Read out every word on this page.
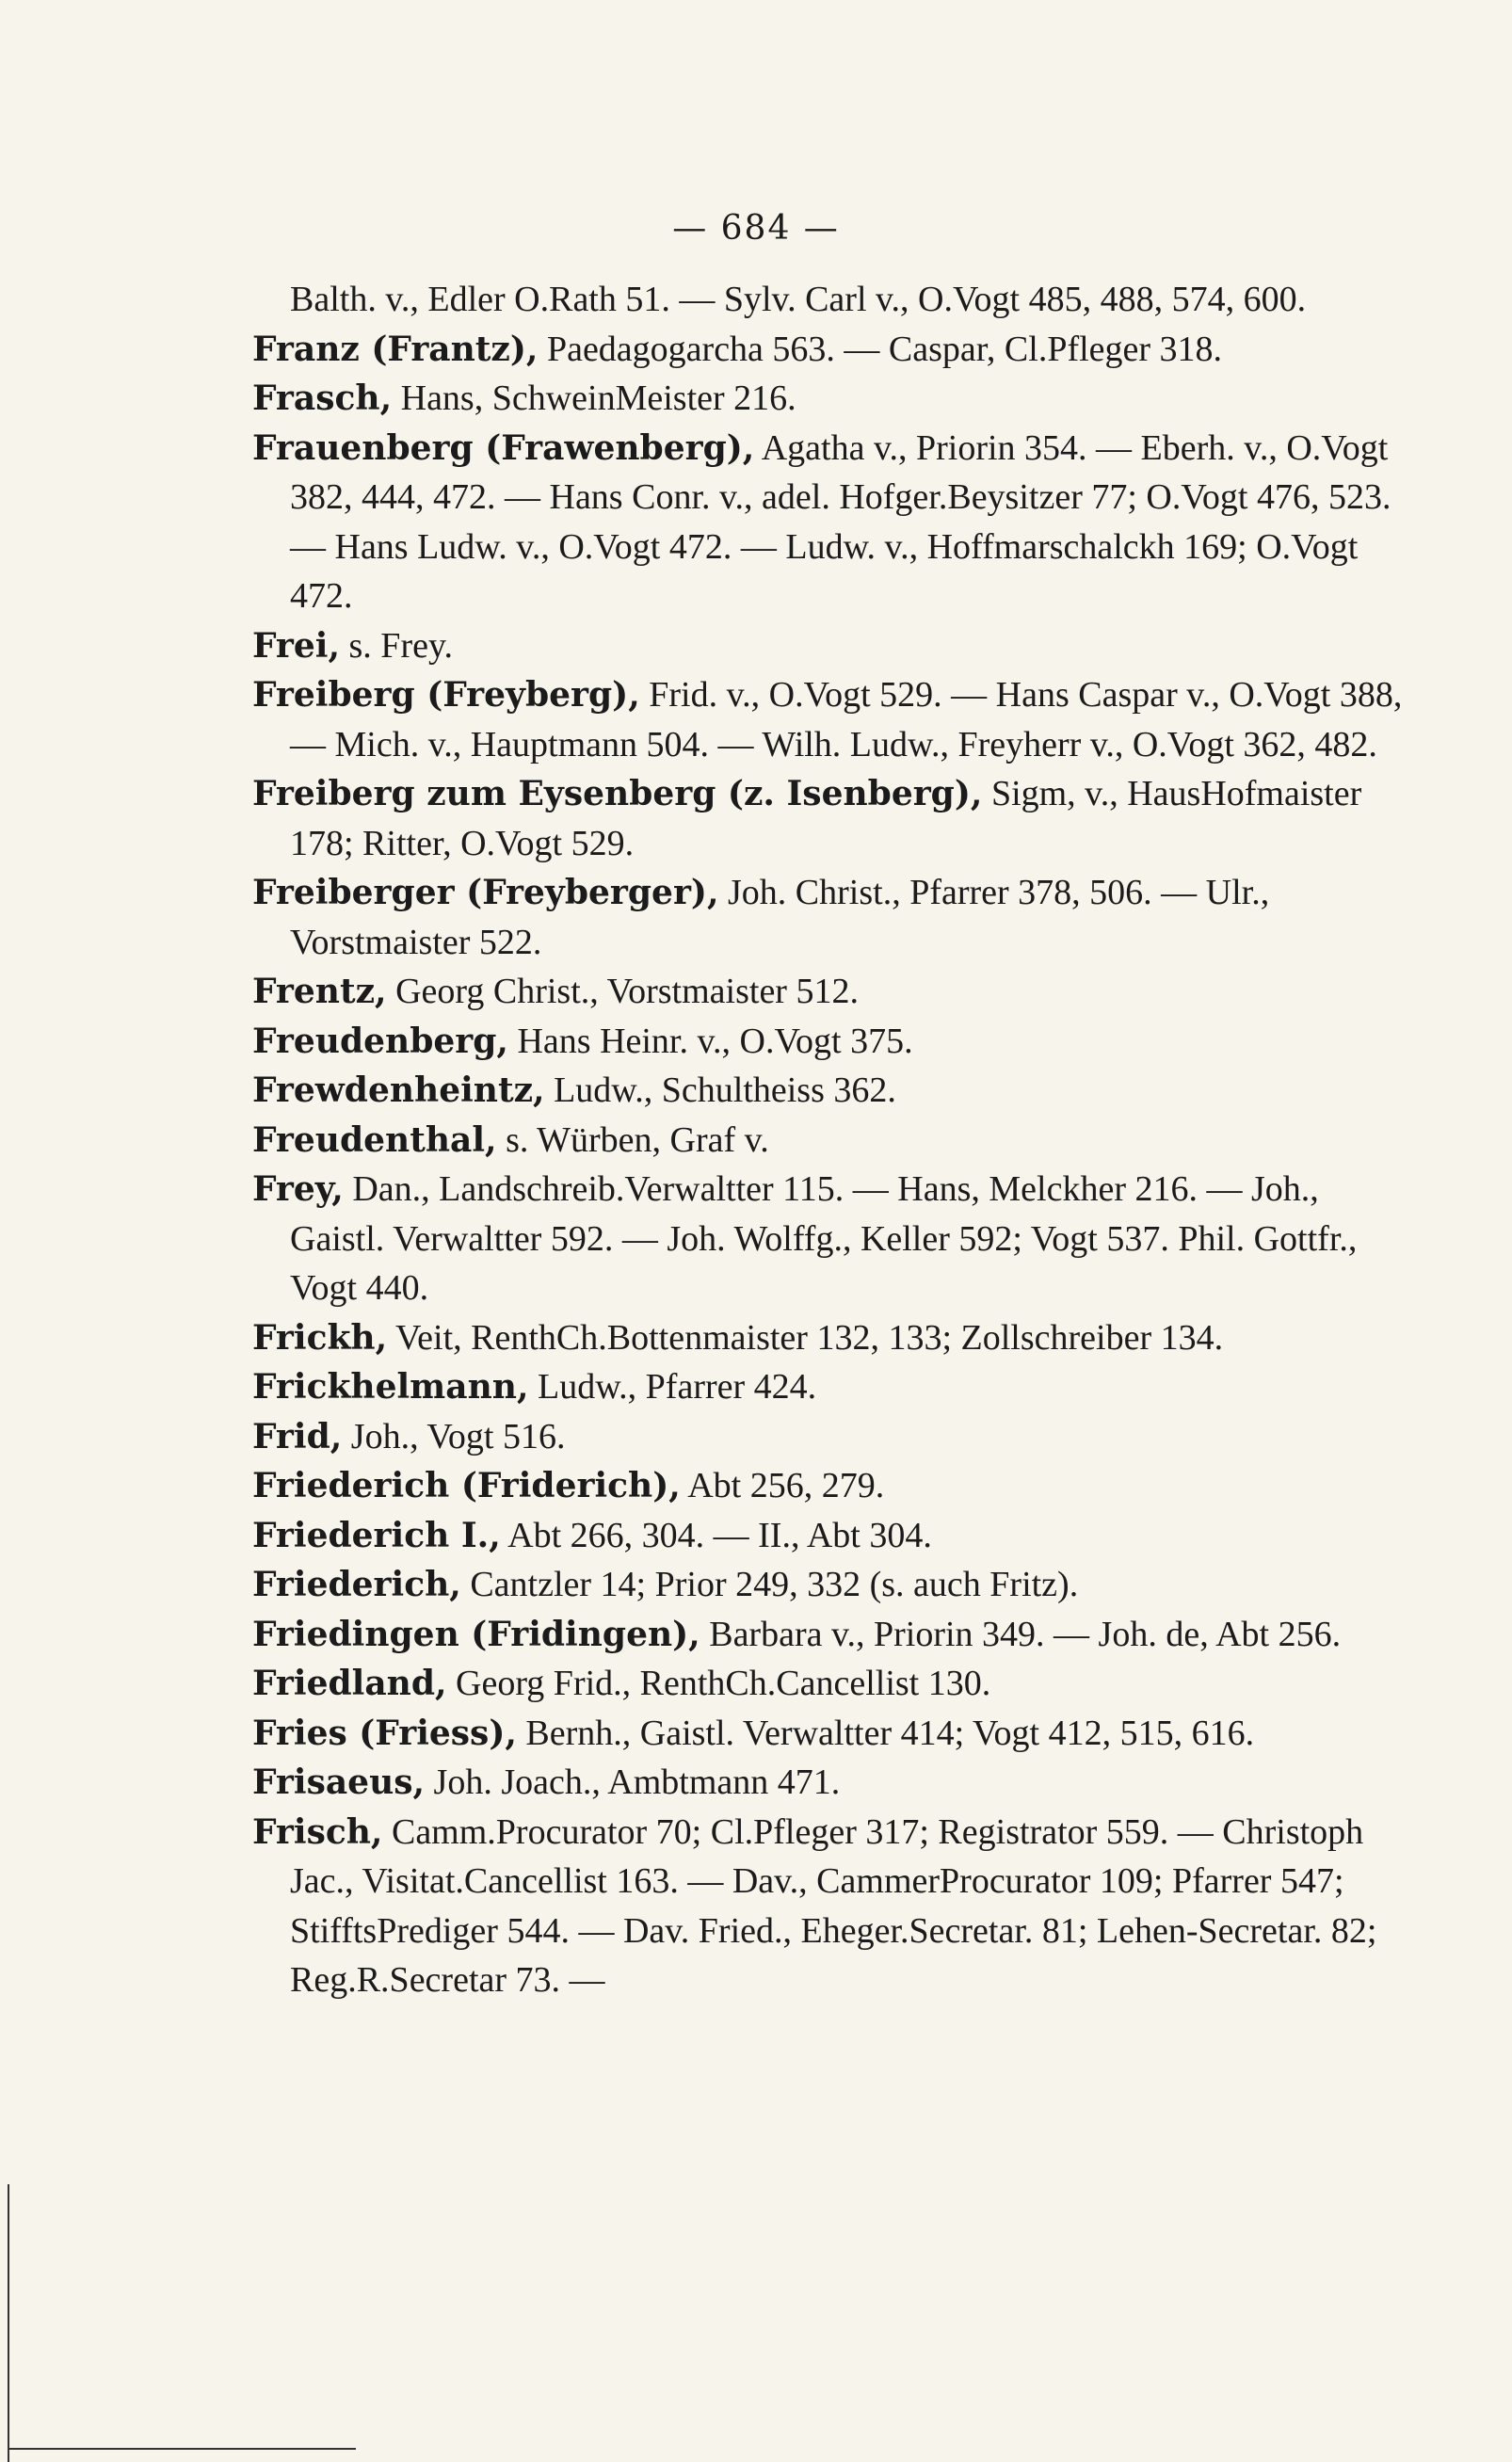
— 684 —

Balth. v., Edler O.Rath 51. — Sylv. Carl v., O.Vogt 485, 488, 574, 600.

Franz (Frantz), Paedagogarcha 563. — Caspar, Cl.Pfleger 318.

Frasch, Hans, SchweinMeister 216.

Frauenberg (Frawenberg), Agatha v., Priorin 354. — Eberh. v., O.Vogt 382, 444, 472. — Hans Conr. v., adel. Hofger.Beysitzer 77; O.Vogt 476, 523. — Hans Ludw. v., O.Vogt 472. — Ludw. v., Hoffmarschalckh 169; O.Vogt 472.

Frei, s. Frey.

Freiberg (Freyberg), Frid. v., O.Vogt 529. — Hans Caspar v., O.Vogt 388, — Mich. v., Hauptmann 504. — Wilh. Ludw., Freyherr v., O.Vogt 362, 482.

Freiberg zum Eysenberg (z. Isenberg), Sigm, v., HausHofmaister 178; Ritter, O.Vogt 529.

Freiberger (Freyberger), Joh. Christ., Pfarrer 378, 506. — Ulr., Vorstmaister 522.

Frentz, Georg Christ., Vorstmaister 512.

Freudenberg, Hans Heinr. v., O.Vogt 375.

Frewdenheintz, Ludw., Schultheiss 362.

Freudenthal, s. Würben, Graf v.

Frey, Dan., Landschreib.Verwaltter 115. — Hans, Melckher 216. — Joh., Gaistl. Verwaltter 592. — Joh. Wolffg., Keller 592; Vogt 537. Phil. Gottfr., Vogt 440.

Frickh, Veit, RenthCh.Bottenmaister 132, 133; Zollschreiber 134.

Frickhelmann, Ludw., Pfarrer 424.

Frid, Joh., Vogt 516.

Friederich (Friderich), Abt 256, 279.

Friederich I., Abt 266, 304. — II., Abt 304.

Friederich, Cantzler 14; Prior 249, 332 (s. auch Fritz).

Friedingen (Fridingen), Barbara v., Priorin 349. — Joh. de, Abt 256.

Friedland, Georg Frid., RenthCh.Cancellist 130.

Fries (Friess), Bernh., Gaistl. Verwaltter 414; Vogt 412, 515, 616.

Frisaeus, Joh. Joach., Ambtmann 471.

Frisch, Camm.Procurator 70; Cl.Pfleger 317; Registrator 559. — Christoph Jac., Visitat.Cancellist 163. — Dav., CammerProcurator 109; Pfarrer 547; StifftsPrediger 544. — Dav. Fried., Eheger.Secretar. 81; Lehen-Secretar. 82; Reg.R.Secretar 73. —
